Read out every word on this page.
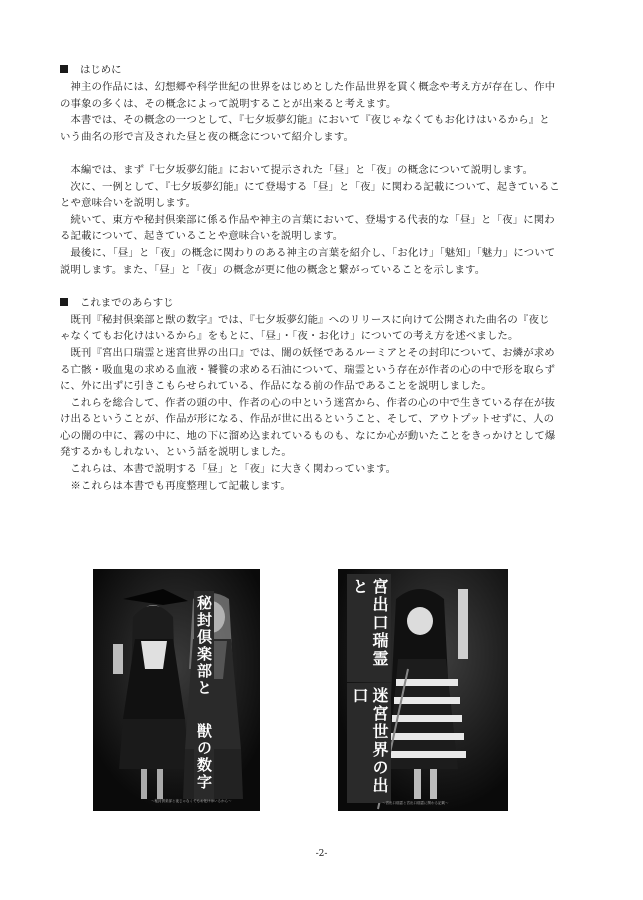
はじめに

神主の作品には、幻想郷や科学世紀の世界をはじめとした作品世界を貫く概念や考え方が存在し、作中の事象の多くは、その概念によって説明することが出来ると考えます。

本書では、その概念の一つとして、『七夕坂夢幻能』において『夜じゃなくてもお化けはいるから』という曲名の形で言及された昼と夜の概念について紹介します。

本編では、まず『七夕坂夢幻能』において提示された「昼」と「夜」の概念について説明します。

次に、一例として、『七夕坂夢幻能』にて登場する「昼」と「夜」に関わる記載について、起きていることや意味合いを説明します。

続いて、東方や秘封倶楽部に係る作品や神主の言葉において、登場する代表的な「昼」と「夜」に関わる記載について、起きていることや意味合いを説明します。

最後に、「昼」と「夜」の概念に関わりのある神主の言葉を紹介し、「お化け」「魅知」「魅力」について説明します。また、「昼」と「夜」の概念が更に他の概念と繋がっていることを示します。

これまでのあらすじ

既刊『秘封倶楽部と獣の数字』では、『七夕坂夢幻能』へのリリースに向けて公開された曲名の『夜じゃなくてもお化けはいるから』をもとに、「昼」・「夜・お化け」についての考え方を述べました。

既刊『宮出口瑞霊と迷宮世界の出口』では、闇の妖怪であるルーミアとその封印について、お燐が求める亡骸・吸血鬼の求める血液・饕餮の求める石油について、瑞霊という存在が作者の心の中で形を取らずに、外に出ずに引きこもらせられている、作品になる前の作品であることを説明しました。

これらを総合して、作者の頭の中、作者の心の中という迷宮から、作者の心の中で生きている存在が抜け出るということが、作品が形になる、作品が世に出るということ、そして、アウトプットせずに、人の心の闇の中に、霧の中に、地の下に溜め込まれているものも、なにか心が動いたことをきっかけとして爆発するかもしれない、という話を説明しました。

これらは、本書で説明する「昼」と「夜」に大きく関わっています。

※これらは本書でも再度整理して記載します。

秘封倶楽部と
獣の数字
〜秘封倶楽部と夜じゃなくてもお化けはいるから〜
宮出口瑞霊と
迷宮世界の出口
〜宮出口瑞霊と宮出口瑞霊に関わる記載〜
-2-
